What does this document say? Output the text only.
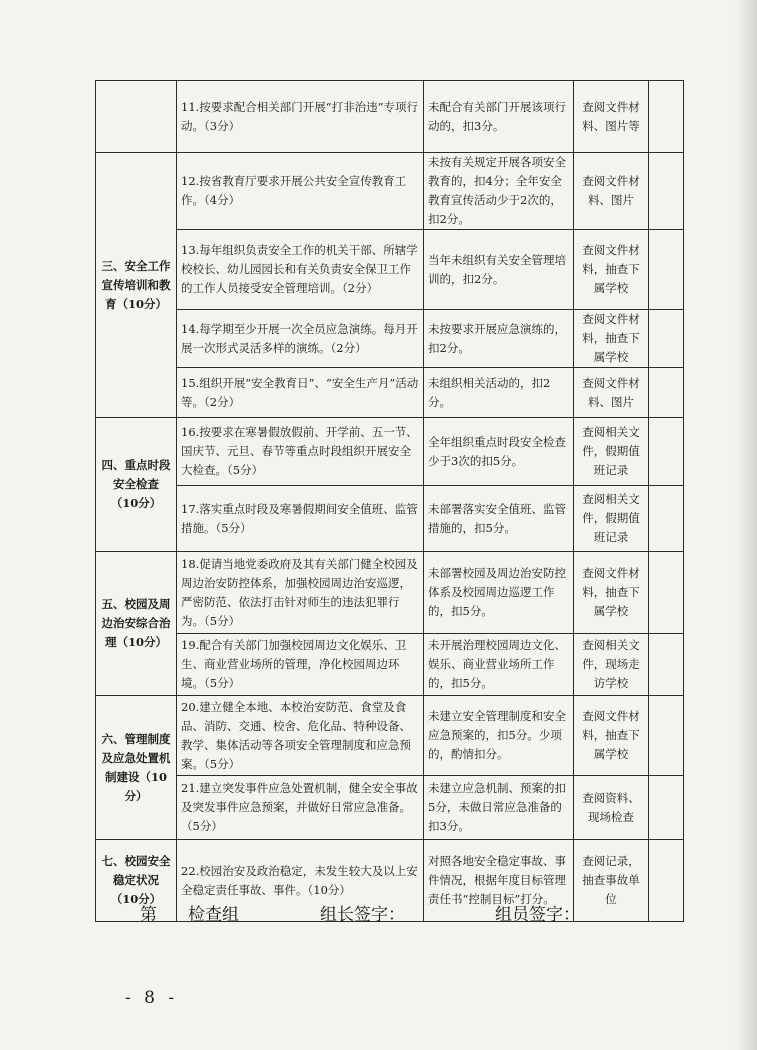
	11.按要求配合相关部门开展“打非治违”专项行动。（3分）	未配合有关部门开展该项行动的，扣3分。	查阅文件材料、图片等	
三、安全工作宣传培训和教育（10分）	12.按省教育厅要求开展公共安全宣传教育工作。（4分）	未按有关规定开展各项安全教育的，扣4分；全年安全教育宣传活动少于2次的，扣2分。	查阅文件材料、图片	
	13.每年组织负责安全工作的机关干部、所辖学校校长、幼儿园园长和有关负责安全保卫工作的工作人员接受安全管理培训。（2分）	当年未组织有关安全管理培训的，扣2分。	查阅文件材料，抽查下属学校	
	14.每学期至少开展一次全员应急演练。每月开展一次形式灵活多样的演练。（2分）	未按要求开展应急演练的，扣2分。	查阅文件材料，抽查下属学校	
	15.组织开展“安全教育日”、“安全生产月”活动等。（2分）	未组织相关活动的，扣2分。	查阅文件材料、图片	
四、重点时段安全检查（10分）	16.按要求在寒暑假放假前、开学前、五一节、国庆节、元旦、春节等重点时段组织开展安全大检查。（5分）	全年组织重点时段安全检查少于3次的扣5分。	查阅相关文件，假期值班记录	
	17.落实重点时段及寒暑假期间安全值班、监管措施。（5分）	未部署落实安全值班、监管措施的，扣5分。	查阅相关文件，假期值班记录	
五、校园及周边治安综合治理（10分）	18.促请当地党委政府及其有关部门健全校园及周边治安防控体系，加强校园周边治安巡逻，严密防范、依法打击针对师生的违法犯罪行为。（5分）	未部署校园及周边治安防控体系及校园周边巡逻工作的，扣5分。	查阅文件材料，抽查下属学校	
	19.配合有关部门加强校园周边文化娱乐、卫生、商业营业场所的管理，净化校园周边环境。（5分）	未开展治理校园周边文化、娱乐、商业营业场所工作的，扣5分。	查阅相关文件，现场走访学校	
六、管理制度及应急处置机制建设（10分）	20.建立健全本地、本校治安防范、食堂及食品、消防、交通、校舍、危化品、特种设备、教学、集体活动等各项安全管理制度和应急预案。（5分）	未建立安全管理制度和安全应急预案的，扣5分。少项的，酌情扣分。	查阅文件材料，抽查下属学校	
	21.建立突发事件应急处置机制，健全安全事故及突发事件应急预案，并做好日常应急准备。（5分）	未建立应急机制、预案的扣5分，未做日常应急准备的扣3分。	查阅资料、现场检查	
七、校园安全稳定状况（10分）	22.校园治安及政治稳定，未发生较大及以上安全稳定责任事故、事件。（10分）	对照各地安全稳定事故、事件情况，根据年度目标管理责任书“控制目标”打分。	查阅记录，抽查事故单位	
第 检查组	组长签字：	组员签字：
- 8 -
